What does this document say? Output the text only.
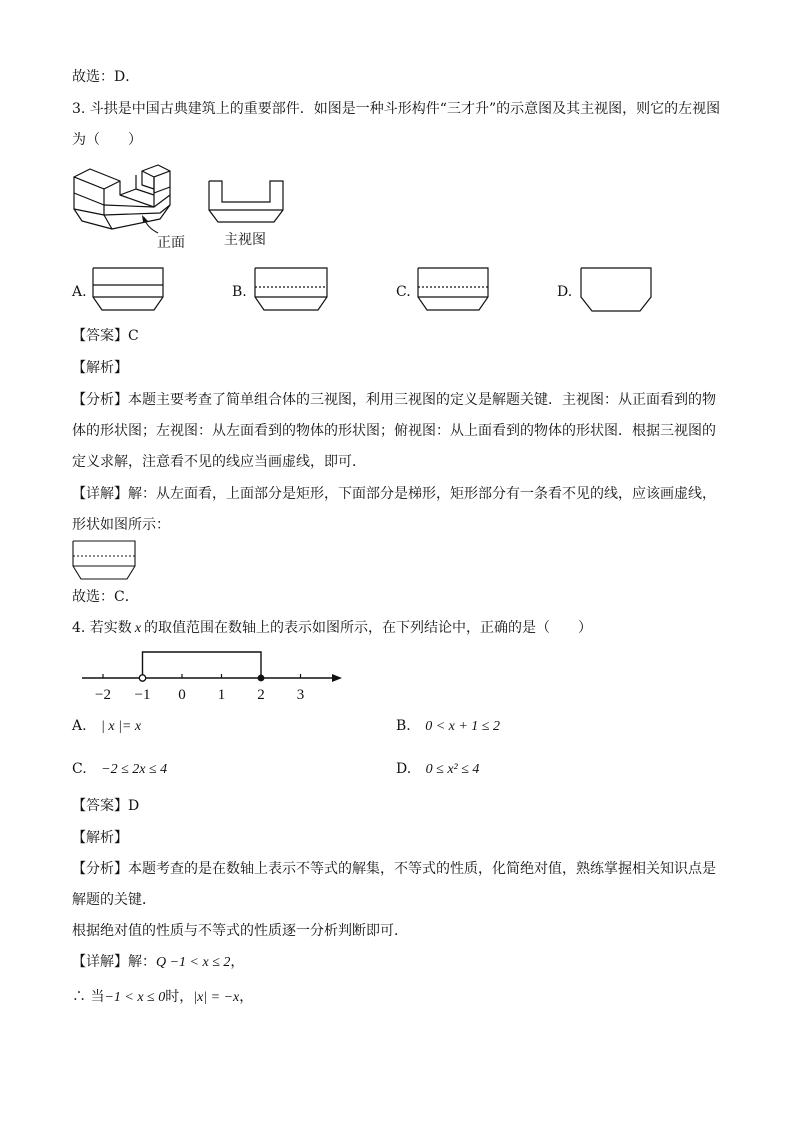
故选：D．
3. 斗拱是中国古典建筑上的重要部件．如图是一种斗形构件“三才升”的示意图及其主视图，则它的左视图
为（　　）
正面	主视图
A.	B.	C.	D.
【答案】C
【解析】
【分析】本题主要考查了简单组合体的三视图，利用三视图的定义是解题关键．主视图：从正面看到的物
体的形状图；左视图：从左面看到的物体的形状图；俯视图：从上面看到的物体的形状图．根据三视图的
定义求解，注意看不见的线应当画虚线，即可．
【详解】解：从左面看，上面部分是矩形，下面部分是梯形，矩形部分有一条看不见的线，应该画虚线，
形状如图所示：
故选：C．
4. 若实数 x 的取值范围在数轴上的表示如图所示，在下列结论中，正确的是（　　）
−2 −1 0 1 2 3
A. | x |= x	B. 0 < x + 1 ≤ 2
C. −2 ≤ 2x ≤ 4	D. 0 ≤ x² ≤ 4
【答案】D
【解析】
【分析】本题考查的是在数轴上表示不等式的解集，不等式的性质，化简绝对值，熟练掌握相关知识点是
解题的关键．
根据绝对值的性质与不等式的性质逐一分析判断即可．
【详解】解：Q −1 < x ≤ 2，
∴ 当−1 < x ≤ 0时，|x| = −x，
